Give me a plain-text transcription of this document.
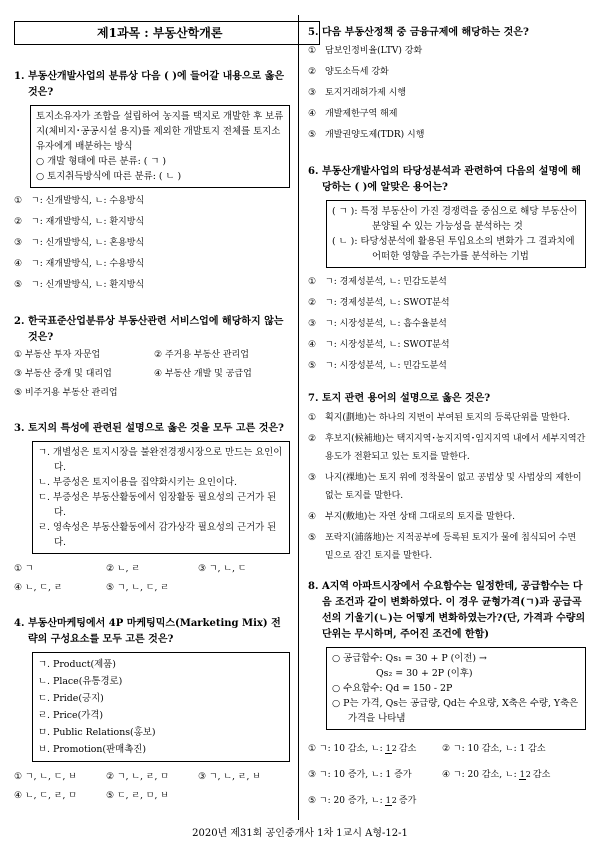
제1과목 : 부동산학개론
1. 부동산개발사업의 분류상 다음 ( )에 들어갈 내용으로 옳은 것은?

토지소유자가 조합을 설립하여 농지를 택지로 개발한 후 보류지(체비지･공공시설 용지)를 제외한 개발토지 전체를 토지소유자에게 배분하는 방식

○ 개발 형태에 따른 분류: ( ㄱ )

○ 토지취득방식에 따른 분류: ( ㄴ )

① ㄱ: 신개발방식, ㄴ: 수용방식
② ㄱ: 재개발방식, ㄴ: 환지방식
③ ㄱ: 신개발방식, ㄴ: 혼용방식
④ ㄱ: 재개발방식, ㄴ: 수용방식
⑤ ㄱ: 신개발방식, ㄴ: 환지방식
2. 한국표준산업분류상 부동산관련 서비스업에 해당하지 않는 것은?
① 부동산 투자 자문업	② 주거용 부동산 관리업
③ 부동산 중개 및 대리업	④ 부동산 개발 및 공급업
⑤ 비주거용 부동산 관리업
3. 토지의 특성에 관련된 설명으로 옳은 것을 모두 고른 것은?

ㄱ. 개별성은 토지시장을 불완전경쟁시장으로 만드는 요인이다.

ㄴ. 부증성은 토지이용을 집약화시키는 요인이다.

ㄷ. 부증성은 부동산활동에서 임장활동 필요성의 근거가 된다.

ㄹ. 영속성은 부동산활동에서 감가상각 필요성의 근거가 된다.

① ㄱ	② ㄴ, ㄹ	③ ㄱ, ㄴ, ㄷ
④ ㄴ, ㄷ, ㄹ	⑤ ㄱ, ㄴ, ㄷ, ㄹ
4. 부동산마케팅에서 4P 마케팅믹스(Marketing Mix) 전략의 구성요소를 모두 고른 것은?

ㄱ. Product(제품)

ㄴ. Place(유통경로)

ㄷ. Pride(긍지)

ㄹ. Price(가격)

ㅁ. Public Relations(홍보)

ㅂ. Promotion(판매촉진)

① ㄱ, ㄴ, ㄷ, ㅂ	② ㄱ, ㄴ, ㄹ, ㅁ	③ ㄱ, ㄴ, ㄹ, ㅂ
④ ㄴ, ㄷ, ㄹ, ㅁ	⑤ ㄷ, ㄹ, ㅁ, ㅂ
5. 다음 부동산정책 중 금융규제에 해당하는 것은?
① 담보인정비율(LTV) 강화
② 양도소득세 강화
③ 토지거래허가제 시행
④ 개발제한구역 해제
⑤ 개발권양도제(TDR) 시행
6. 부동산개발사업의 타당성분석과 관련하여 다음의 설명에 해당하는 ( )에 알맞은 용어는?

( ㄱ ): 특정 부동산이 가진 경쟁력을 중심으로 해당 부동산이 분양될 수 있는 가능성을 분석하는 것

( ㄴ ): 타당성분석에 활용된 투입요소의 변화가 그 결과치에 어떠한 영향을 주는가를 분석하는 기법

① ㄱ: 경제성분석, ㄴ: 민감도분석
② ㄱ: 경제성분석, ㄴ: SWOT분석
③ ㄱ: 시장성분석, ㄴ: 흡수율분석
④ ㄱ: 시장성분석, ㄴ: SWOT분석
⑤ ㄱ: 시장성분석, ㄴ: 민감도분석
7. 토지 관련 용어의 설명으로 옳은 것은?
① 획지(劃地)는 하나의 지번이 부여된 토지의 등록단위를 말한다.
② 후보지(候補地)는 택지지역･농지지역･임지지역 내에서 세부지역간 용도가 전환되고 있는 토지를 말한다.
③ 나지(裸地)는 토지 위에 정착물이 없고 공법상 및 사법상의 제한이 없는 토지를 말한다.
④ 부지(敷地)는 자연 상태 그대로의 토지를 말한다.
⑤ 포락지(浦落地)는 지적공부에 등록된 토지가 물에 침식되어 수면 밑으로 잠긴 토지를 말한다.
8. A지역 아파트시장에서 수요함수는 일정한데, 공급함수는 다음 조건과 같이 변화하였다. 이 경우 균형가격(ㄱ)과 공급곡선의 기울기(ㄴ)는 어떻게 변화하였는가?(단, 가격과 수량의 단위는 무시하며, 주어진 조건에 한함)

○ 공급함수: Qs₁ = 30 + P (이전) →

Qs₂ = 30 + 2P (이후)

○ 수요함수: Qd = 150 - 2P

○ P는 가격, Qs는 공급량, Qd는 수요량, X축은 수량, Y축은 가격을 나타냄

① ㄱ: 10 감소, ㄴ: 12 감소	② ㄱ: 10 감소, ㄴ: 1 감소
③ ㄱ: 10 증가, ㄴ: 1 증가	④ ㄱ: 20 감소, ㄴ: 12 감소
⑤ ㄱ: 20 증가, ㄴ: 12 증가
2020년 제31회 공인중개사 1차 1교시 A형-12-1
